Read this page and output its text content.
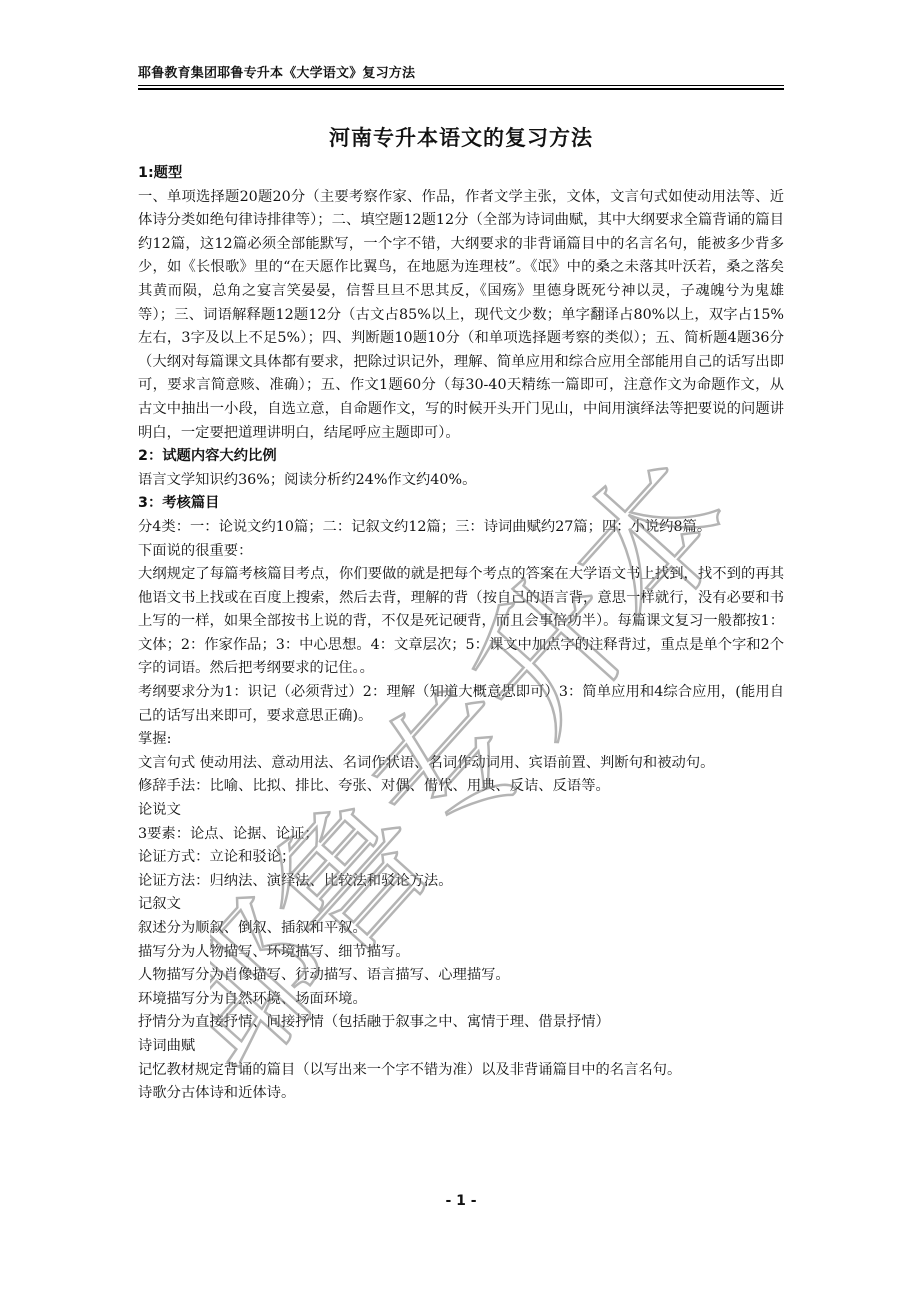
耶鲁教育集团耶鲁专升本《大学语文》复习方法
河南专升本语文的复习方法

1:题型

一、单项选择题20题20分（主要考察作家、作品，作者文学主张，文体，文言句式如使动用法等、近体诗分类如绝句律诗排律等）；二、填空题12题12分（全部为诗词曲赋，其中大纲要求全篇背诵的篇目约12篇，这12篇必须全部能默写，一个字不错，大纲要求的非背诵篇目中的名言名句，能被多少背多少，如《长恨歌》里的“在天愿作比翼鸟，在地愿为连理枝”。《氓》中的桑之未落其叶沃若，桑之落矣其黄而陨，总角之宴言笑晏晏，信誓旦旦不思其反，《国殇》里德身既死兮神以灵，子魂魄兮为鬼雄等）；三、词语解释题12题12分（古文占85%以上，现代文少数；单字翻译占80%以上，双字占15%左右，3字及以上不足5%）；四、判断题10题10分（和单项选择题考察的类似）；五、简析题4题36分（大纲对每篇课文具体都有要求，把除过识记外，理解、简单应用和综合应用全部能用自己的话写出即可，要求言简意赅、准确）；五、作文1题60分（每30-40天精练一篇即可，注意作文为命题作文，从古文中抽出一小段，自选立意，自命题作文，写的时候开头开门见山，中间用演绎法等把要说的问题讲明白，一定要把道理讲明白，结尾呼应主题即可）。

2：试题内容大约比例

语言文学知识约36%；阅读分析约24%作文约40%。

3：考核篇目

分4类：一：论说文约10篇；二：记叙文约12篇；三：诗词曲赋约27篇；四：小说约8篇。

下面说的很重要：

大纲规定了每篇考核篇目考点，你们要做的就是把每个考点的答案在大学语文书上找到，找不到的再其他语文书上找或在百度上搜索，然后去背，理解的背（按自己的语言背，意思一样就行，没有必要和书上写的一样，如果全部按书上说的背，不仅是死记硬背，而且会事倍功半）。每篇课文复习一般都按1：文体；2：作家作品；3：中心思想。4：文章层次；5：课文中加点字的注释背过，重点是单个字和2个字的词语。然后把考纲要求的记住。。

考纲要求分为1：识记（必须背过）2：理解（知道大概意思即可）3：简单应用和4综合应用，(能用自己的话写出来即可，要求意思正确)。

掌握:

文言句式 使动用法、意动用法、名词作状语、名词作动词用、宾语前置、判断句和被动句。

修辞手法：比喻、比拟、排比、夸张、对偶、借代、用典、反诘、反语等。

论说文

3要素：论点、论据、论证；

论证方式：立论和驳论；

论证方法：归纳法、演绎法、比较法和驳论方法。

记叙文

叙述分为顺叙、倒叙、插叙和平叙。

描写分为人物描写、环境描写、细节描写。

人物描写分为肖像描写、行动描写、语言描写、心理描写。

环境描写分为自然环境、场面环境。

抒情分为直接抒情、间接抒情（包括融于叙事之中、寓情于理、借景抒情）

诗词曲赋

记忆教材规定背诵的篇目（以写出来一个字不错为准）以及非背诵篇目中的名言名句。

诗歌分古体诗和近体诗。

耶鲁专升本
- 1 -
